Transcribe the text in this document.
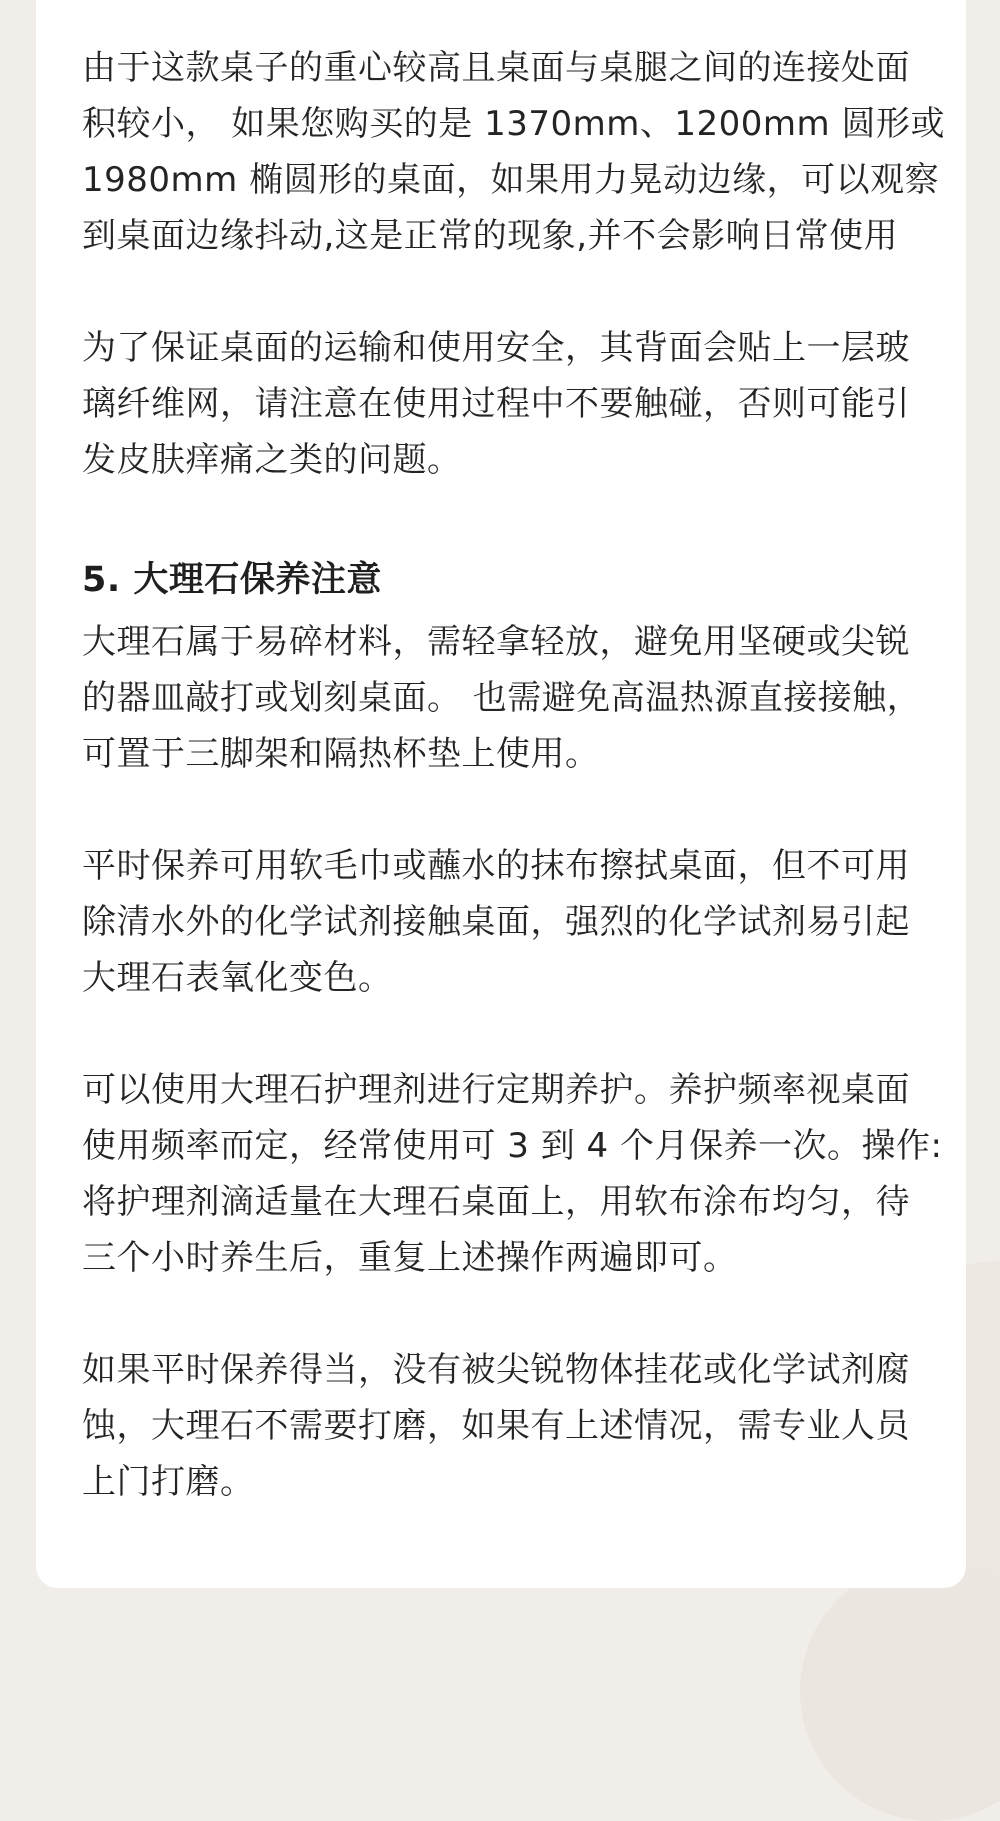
由于这款桌子的重心较高且桌面与桌腿之间的连接处面
积较小， 如果您购买的是 1370mm、1200mm 圆形或
1980mm 椭圆形的桌面，如果用力晃动边缘，可以观察
到桌面边缘抖动,这是正常的现象,并不会影响日常使用

为了保证桌面的运输和使用安全，其背面会贴上一层玻
璃纤维网，请注意在使用过程中不要触碰，否则可能引
发皮肤痒痛之类的问题。

5. 大理石保养注意

大理石属于易碎材料，需轻拿轻放，避免用坚硬或尖锐
的器皿敲打或划刻桌面。 也需避免高温热源直接接触，
可置于三脚架和隔热杯垫上使用。

平时保养可用软毛巾或蘸水的抹布擦拭桌面，但不可用
除清水外的化学试剂接触桌面，强烈的化学试剂易引起
大理石表氧化变色。

可以使用大理石护理剂进行定期养护。养护频率视桌面
使用频率而定，经常使用可 3 到 4 个月保养一次。操作:
将护理剂滴适量在大理石桌面上，用软布涂布均匀，待
三个小时养生后，重复上述操作两遍即可。

如果平时保养得当，没有被尖锐物体挂花或化学试剂腐
蚀，大理石不需要打磨，如果有上述情况，需专业人员
上门打磨。
